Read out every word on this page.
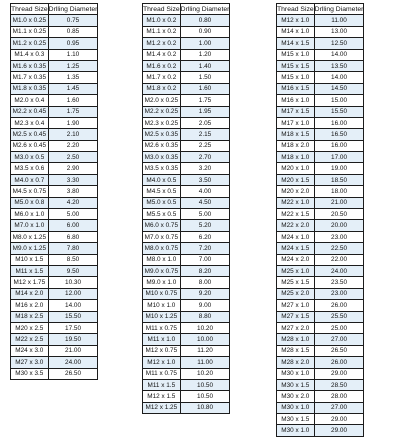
Thread Size	Drlling Diameter
M1.0 x 0.25	0.75
M1.1 x 0.25	0.85
M1.2 x 0.25	0.95
M1.4 x 0.3	1.10
M1.6 x 0.35	1.25
M1.7 x 0.35	1.35
M1.8 x 0.35	1.45
M2.0 x 0.4	1.60
M2.2 x 0.45	1.75
M2.3 x 0.4	1.90
M2.5 x 0.45	2.10
M2.6 x 0.45	2.20
M3.0 x 0.5	2.50
M3.5 x 0.6	2.90
M4.0 x 0.7	3.30
M4.5 x 0.75	3.80
M5.0 x 0.8	4.20
M6.0 x 1.0	5.00
M7.0 x 1.0	6.00
M8.0 x 1.25	6.80
M9.0 x 1.25	7.80
M10 x 1.5	8.50
M11 x 1.5	9.50
M12 x 1.75	10.30
M14 x 2.0	12.00
M16 x 2.0	14.00
M18 x 2.5	15.50
M20 x 2.5	17.50
M22 x 2.5	19.50
M24 x 3.0	21.00
M27 x 3.0	24.00
M30 x 3.5	26.50
Thread Size	Drlling Diameter
M1.0 x 0.2	0.80
M1.1 x 0.2	0.90
M1.2 x 0.2	1.00
M1.4 x 0.2	1.20
M1.6 x 0.2	1.40
M1.7 x 0.2	1.50
M1.8 x 0.2	1.60
M2.0 x 0.25	1.75
M2.2 x 0.25	1.95
M2.3 x 0.25	2.05
M2.5 x 0.35	2.15
M2.6 x 0.35	2.25
M3.0 x 0.35	2.70
M3.5 x 0.35	3.20
M4.0 x 0.5	3.50
M4.5 x 0.5	4.00
M5.0 x 0.5	4.50
M5.5 x 0.5	5.00
M6.0 x 0.75	5.20
M7.0 x 0.75	6.20
M8.0 x 0.75	7.20
M8.0 x 1.0	7.00
M9.0 x 0.75	8.20
M9.0 x 1.0	8.00
M10 x 0.75	9.20
M10 x 1.0	9.00
M10 x 1.25	8.80
M11 x 0.75	10.20
M11 x 1.0	10.00
M12 x 0.75	11.20
M12 x 1.0	11.00
M11 x 0.75	10.20
M11 x 1.5	10.50
M12 x 1.5	10.50
M12 x 1.25	10.80
Thread Size	Drlling Diameter
M12 x 1.0	11.00
M14 x 1.0	13.00
M14 x 1.5	12.50
M15 x 1.0	14.00
M15 x 1.5	13.50
M15 x 1.0	14.00
M16 x 1.5	14.50
M16 x 1.0	15.00
M17 x 1.5	15.50
M17 x 1.0	16.00
M18 x 1.5	16.50
M18 x 2.0	16.00
M18 x 1.0	17.00
M20 x 1.0	19.00
M20 x 1.5	18.50
M20 x 2.0	18.00
M22 x 1.0	21.00
M22 x 1.5	20.50
M22 x 2.0	20.00
M24 x 1.0	23.00
M24 x 1.5	22.50
M24 x 2.0	22.00
M25 x 1.0	24.00
M25 x 1.5	23.50
M25 x 2.0	23.00
M27 x 1.0	26.00
M27 x 1.5	25.50
M27 x 2.0	25.00
M28 x 1.0	27.00
M28 x 1.5	26.50
M28 x 2.0	26.00
M30 x 1.0	29.00
M30 x 1.5	28.50
M30 x 2.0	28.00
M30 x 1.0	27.00
M30 x 1.5	29.00
M30 x 1.0	29.00
